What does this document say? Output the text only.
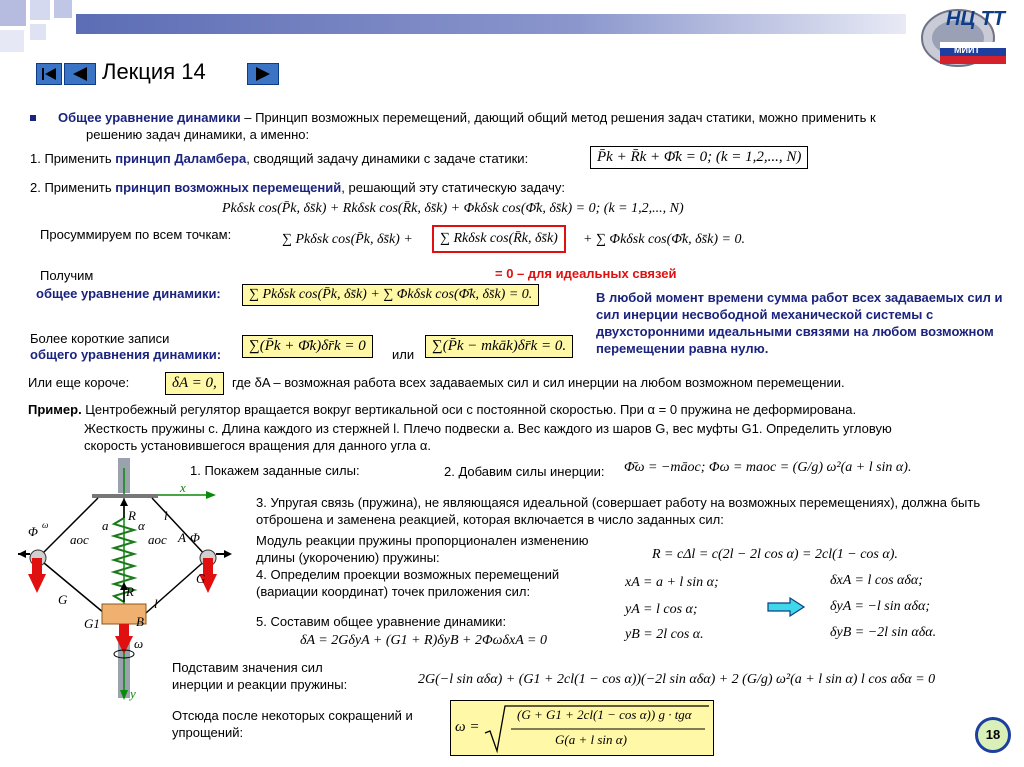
НЦ ТТ
МИИТ
Лекция 14
Общее уравнение динамики – Принцип возможных перемещений, дающий общий метод решения задач статики, можно применить к
решению задач динамики, а именно:
1. Применить принцип Даламбера, сводящий задачу динамики с задаче статики:	P̄k + R̄k + Φ̄k = 0; (k = 1,2,..., N)
2. Применить принцип возможных перемещений, решающий эту статическую задачу:
Pkδsk cos(P̄k, δs̄k) + Rkδsk cos(R̄k, δs̄k) + Φkδsk cos(Φ̄k, δs̄k) = 0; (k = 1,2,..., N)
Просуммируем по всем точкам:	∑ Pkδsk cos(P̄k, δs̄k) +	∑ Rkδsk cos(R̄k, δs̄k)	+ ∑ Φkδsk cos(Φ̄k, δs̄k) = 0.
= 0 – для идеальных связей
Получим
общее уравнение динамики:	∑ Pkδsk cos(P̄k, δs̄k) + ∑ Φkδsk cos(Φ̄k, δs̄k) = 0.	В любой момент времени сумма работ всех задаваемых сил и сил инерции несвободной механической системы с двухсторонними идеальными связями на любом возможном перемещении равна нулю.
Более короткие записи
общего уравнения динамики:
∑(P̄k + Φ̄k)δr̄k = 0
или
∑(P̄k − mkāk)δr̄k = 0.
Или еще короче:	δA = 0,	где δA – возможная работа всех задаваемых сил и сил инерции на любом возможном перемещении.
Пример. Центробежный регулятор вращается вокруг вертикальной оси с постоянной скоростью. При α = 0 пружина не деформирована.
Жесткость пружины c. Длина каждого из стержней l. Плечо подвески a. Вес каждого из шаров G, вес муфты G1. Определить угловую
скорость установившегося вращения для данного угла α.
1. Покажем заданные силы:	2. Добавим силы инерции: Φ̄ω = −māoc; Φω = maoc = (G/g) ω²(a + l sin α).
3. Упругая связь (пружина), не являющаяся идеальной (совершает работу на возможных перемещениях), должна быть отброшена и заменена реакцией, которая включается в число заданных сил:
Модуль реакции пружины пропорционален изменению длины (укорочению) пружины:	R = cΔl = c(2l − 2l cos α) = 2cl(1 − cos α).
4. Определим проекции возможных перемещений (вариации координат) точек приложения сил:
xA = a + l sin α;
yA = l cos α;
yB = 2l cos α.
δxA = l cos αδα;
δyA = −l sin αδα;
δyB = −2l sin αδα.
5. Составим общее уравнение динамики:
δA = 2GδyA + (G1 + R)δyB + 2ΦωδxA = 0
Подставим значения сил инерции и реакции пружины:	2G(−l sin αδα) + (G1 + 2cl(1 − cos α))(−2l sin αδα) + 2 (G/g) ω²(a + l sin α) l cos αδα = 0
Отсюда после некоторых сокращений и упрощений:	ω =
(G + G1 + 2cl(1 − cos α)) g · tgα
G(a + l sin α)	18
x
y
a
R
α
l
l
Φ ω
aoc	aoc A Φ
G
G
R
G1	B
ω
